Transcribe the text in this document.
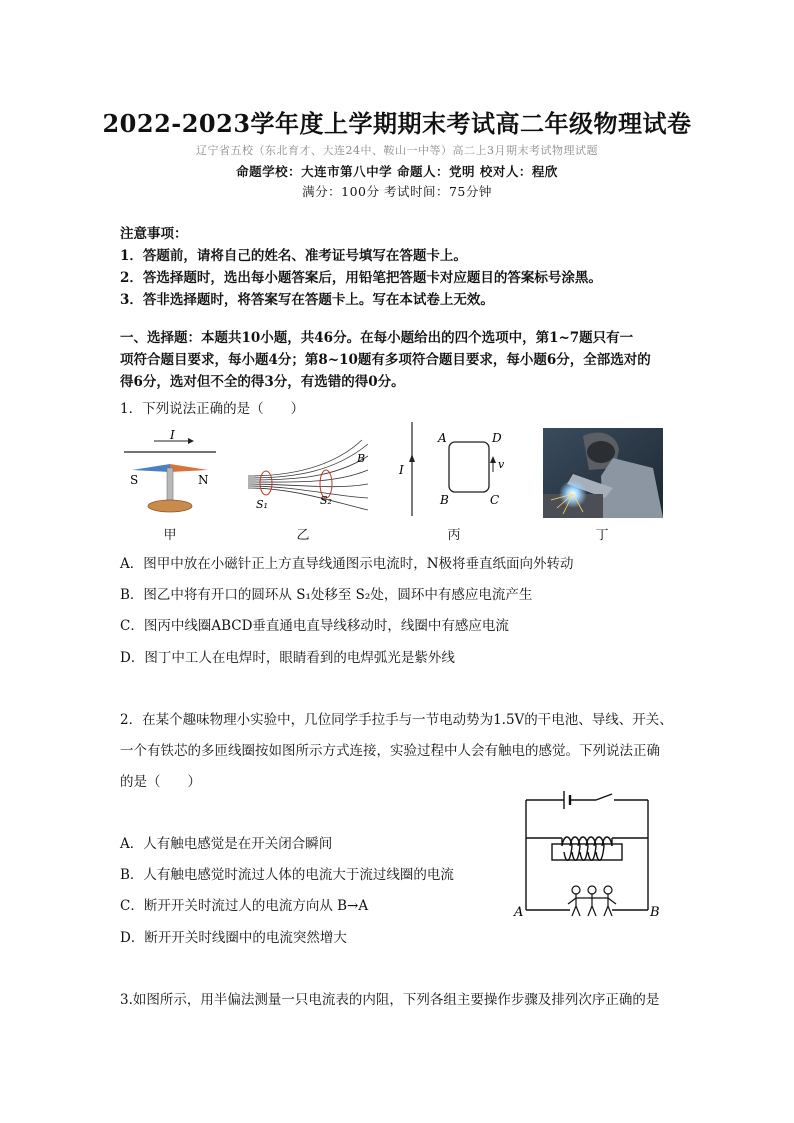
2022-2023学年度上学期期末考试高二年级物理试卷
辽宁省五校（东北育才、大连24中、鞍山一中等）高二上3月期末考试物理试题
命题学校：大连市第八中学 命题人：党明 校对人：程欣
满分：100分 考试时间：75分钟
注意事项：
1．答题前，请将自己的姓名、准考证号填写在答题卡上。
2．答选择题时，选出每小题答案后，用铅笔把答题卡对应题目的答案标号涂黑。
3．答非选择题时，将答案写在答题卡上。写在本试卷上无效。
一、选择题：本题共10小题，共46分。在每小题给出的四个选项中，第1~7题只有一
项符合题目要求，每小题4分；第8~10题有多项符合题目要求，每小题6分，全部选对的
得6分，选对但不全的得3分，有选错的得0分。
1．下列说法正确的是（　　）
I
S	N
甲
S₁	S₂
B
乙
I
A	D
B	C
v
丙	丁
A．图甲中放在小磁针正上方直导线通图示电流时，N极将垂直纸面向外转动
B．图乙中将有开口的圆环从 S₁处移至 S₂处，圆环中有感应电流产生
C．图丙中线圈ABCD垂直通电直导线移动时，线圈中有感应电流
D．图丁中工人在电焊时，眼睛看到的电焊弧光是紫外线
2．在某个趣味物理小实验中，几位同学手拉手与一节电动势为1.5V的干电池、导线、开关、
一个有铁芯的多匝线圈按如图所示方式连接，实验过程中人会有触电的感觉。下列说法正确
的是（　　）
A．人有触电感觉是在开关闭合瞬间
B．人有触电感觉时流过人体的电流大于流过线圈的电流
C．断开开关时流过人的电流方向从 B→A
D．断开开关时线圈中的电流突然增大
A	B
3.如图所示，用半偏法测量一只电流表的内阻，下列各组主要操作步骤及排列次序正确的是
